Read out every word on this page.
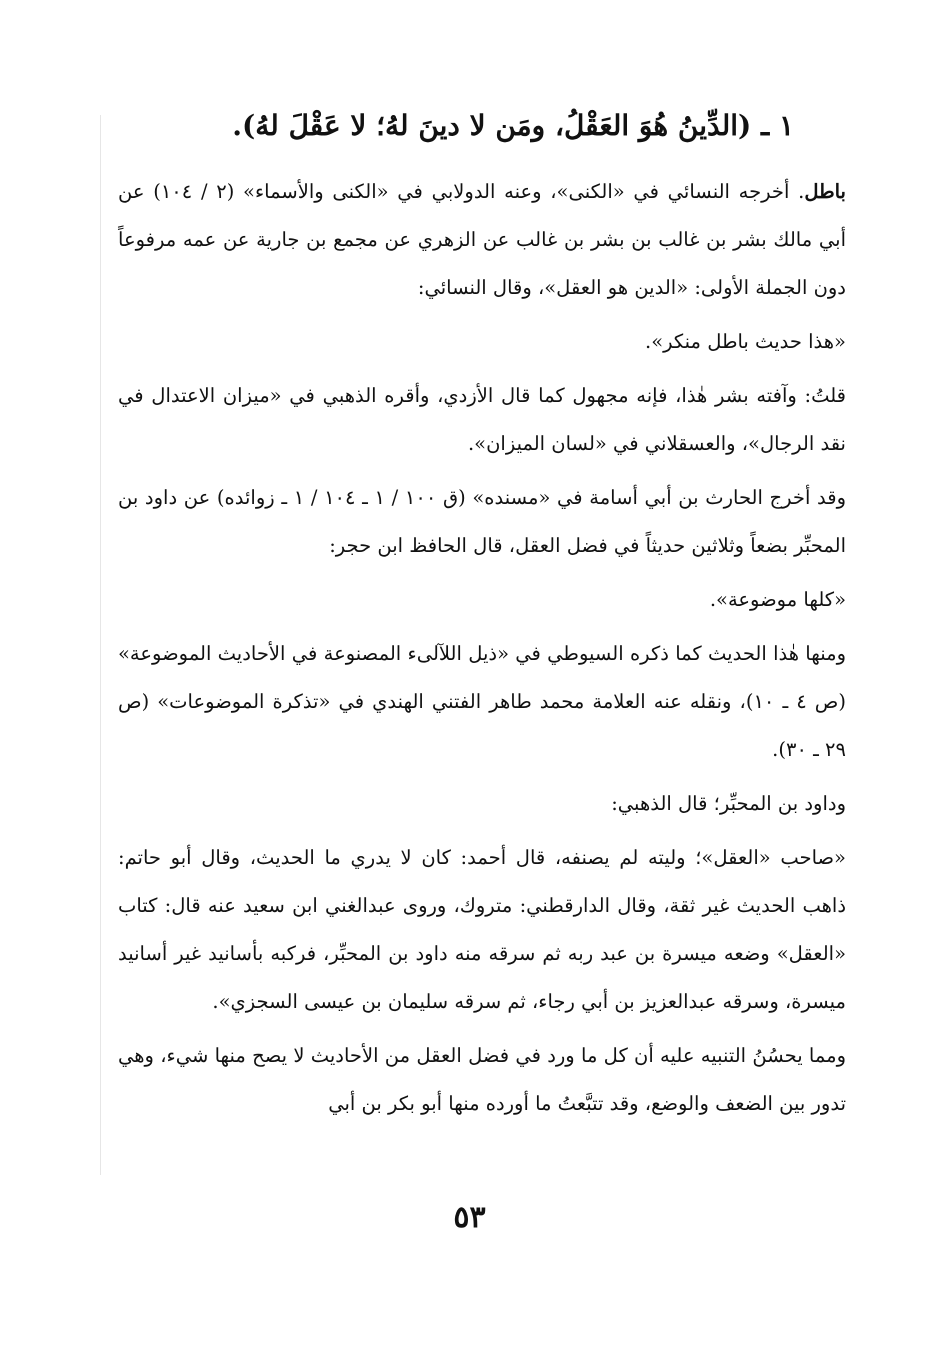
١ ـ (الدِّينُ هُوَ العَقْلُ، ومَن لا دينَ لهُ؛ لا عَقْلَ لهُ).

باطل. أخرجه النسائي في «الكنى»، وعنه الدولابي في «الكنى والأسماء» (٢ / ١٠٤) عن أبي مالك بشر بن غالب بن بشر بن غالب عن الزهري عن مجمع بن جارية عن عمه مرفوعاً دون الجملة الأولى: «الدين هو العقل»، وقال النسائي:

«هذا حديث باطل منكر».

قلتُ: وآفته بشر هٰذا، فإنه مجهول كما قال الأزدي، وأقره الذهبي في «ميزان الاعتدال في نقد الرجال»، والعسقلاني في «لسان الميزان».

وقد أخرج الحارث بن أبي أسامة في «مسنده» (ق ١٠٠ / ١ ـ ١٠٤ / ١ ـ زوائده) عن داود بن المحبِّر بضعاً وثلاثين حديثاً في فضل العقل، قال الحافظ ابن حجر:

«كلها موضوعة».

ومنها هٰذا الحديث كما ذكره السيوطي في «ذيل اللآلىء المصنوعة في الأحاديث الموضوعة» (ص ٤ ـ ١٠)، ونقله عنه العلامة محمد طاهر الفتني الهندي في «تذكرة الموضوعات» (ص ٢٩ ـ ٣٠).

وداود بن المحبِّر؛ قال الذهبي:

«صاحب «العقل»؛ وليته لم يصنفه، قال أحمد: كان لا يدري ما الحديث، وقال أبو حاتم: ذاهب الحديث غير ثقة، وقال الدارقطني: متروك، وروى عبدالغني ابن سعيد عنه قال: كتاب «العقل» وضعه ميسرة بن عبد ربه ثم سرقه منه داود بن المحبِّر، فركبه بأسانيد غير أسانيد ميسرة، وسرقه عبدالعزيز بن أبي رجاء، ثم سرقه سليمان بن عيسى السجزي».

ومما يحسُنُ التنبيه عليه أن كل ما ورد في فضل العقل من الأحاديث لا يصح منها شيء، وهي تدور بين الضعف والوضع، وقد تتبَّعتُ ما أورده منها أبو بكر بن أبي

٥٣
